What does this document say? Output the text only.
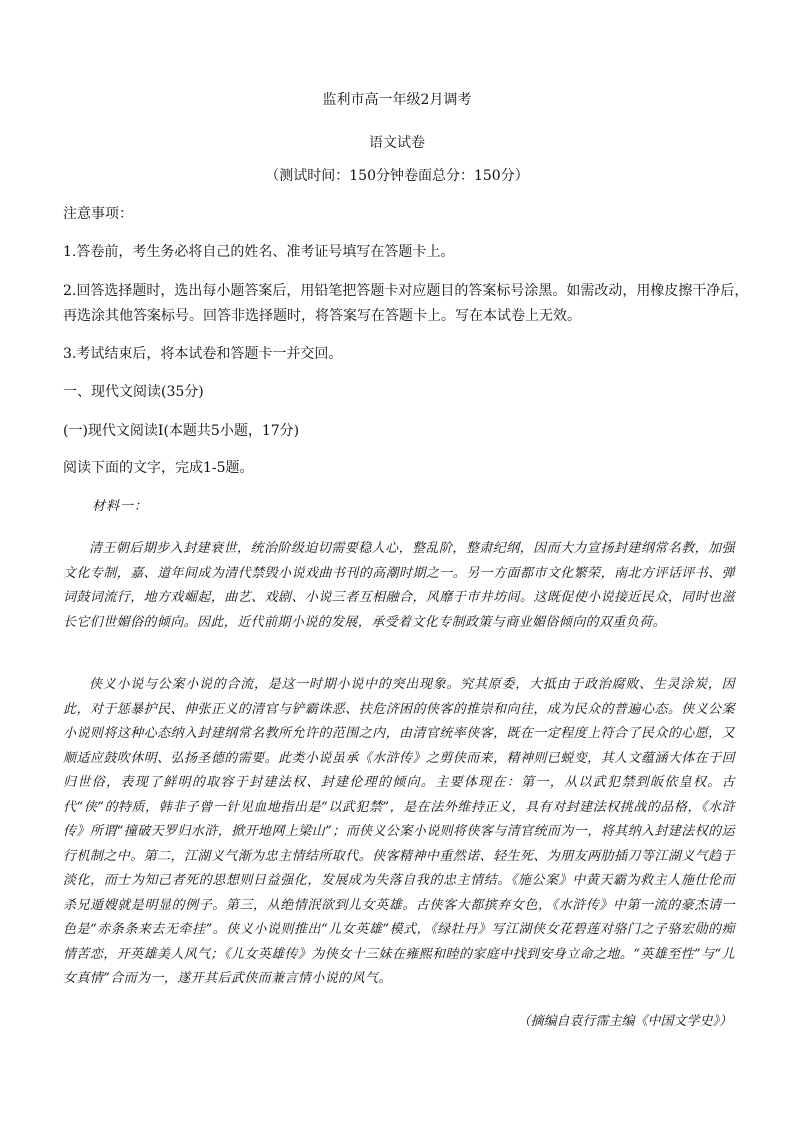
监利市高一年级2月调考
语文试卷
（测试时间：150分钟卷面总分：150分）
注意事项：
1.答卷前，考生务必将自己的姓名、准考证号填写在答题卡上。
2.回答选择题时，选出每小题答案后，用铅笔把答题卡对应题目的答案标号涂黑。如需改动，用橡皮擦干净后，
再选涂其他答案标号。回答非选择题时，将答案写在答题卡上。写在本试卷上无效。
3.考试结束后，将本试卷和答题卡一并交回。
一、现代文阅读(35分)
(一)现代文阅读Ⅰ(本题共5小题，17分)
阅读下面的文字，完成1-5题。
材料一：
清王朝后期步入封建衰世，统治阶级迫切需要稳人心，整乱阶，整肃纪纲，因而大力宣扬封建纲常名教，加强文化专制，嘉、道年间成为清代禁毁小说戏曲书刊的高潮时期之一。另一方面都市文化繁荣，南北方评话评书、弹词鼓词流行，地方戏崛起，曲艺、戏剧、小说三者互相融合，风靡于市井坊间。这既促使小说接近民众，同时也滋长它们世媚俗的倾向。因此，近代前期小说的发展，承受着文化专制政策与商业媚俗倾向的双重负荷。
侠义小说与公案小说的合流，是这一时期小说中的突出现象。究其原委，大抵由于政治腐败、生灵涂炭，因此，对于惩暴护民、伸张正义的清官与铲霸诛恶、扶危济困的侠客的推崇和向往，成为民众的普遍心态。侠义公案小说则将这种心态纳入封建纲常名教所允许的范围之内，由清官统率侠客，既在一定程度上符合了民众的心愿，又顺适应鼓吹休明、弘扬圣德的需要。此类小说虽承《水浒传》之剪侠而来，精神则已蜕变，其人文蕴涵大体在于回归世俗，表现了鲜明的取容于封建法权、封建伦理的倾向。主要体现在：第一，从以武犯禁到皈依皇权。古代“侠”的特质，韩非子曾一针见血地指出是“以武犯禁”，是在法外维持正义，具有对封建法权挑战的品格，《水浒传》所谓“撞破天罗归水浒，掀开地网上梁山”；而侠义公案小说则将侠客与清官统而为一，将其纳入封建法权的运行机制之中。第二，江湖义气渐为忠主情结所取代。侠客精神中重然诺、轻生死、为朋友两肋插刀等江湖义气趋于淡化，而士为知己者死的思想则日益强化，发展成为失落自我的忠主情结。《施公案》中黄天霸为救主人施仕伦而杀兄遁嫂就是明显的例子。第三，从绝情泯欲到儿女英雄。古侠客大都摈弃女色，《水浒传》中第一流的豪杰请一色是“赤条条来去无牵挂”。侠义小说则推出“儿女英雄”模式，《绿牡丹》写江湖侠女花碧莲对骆门之子骆宏勋的痴情苦恋，开英雄美人风气；《儿女英雄传》为侠女十三妹在雍熙和睦的家庭中找到安身立命之地。“英雄至性”与“儿女真情”合而为一，遂开其后武侠而兼言情小说的风气。
（摘编自袁行霈主编《中国文学史》）
